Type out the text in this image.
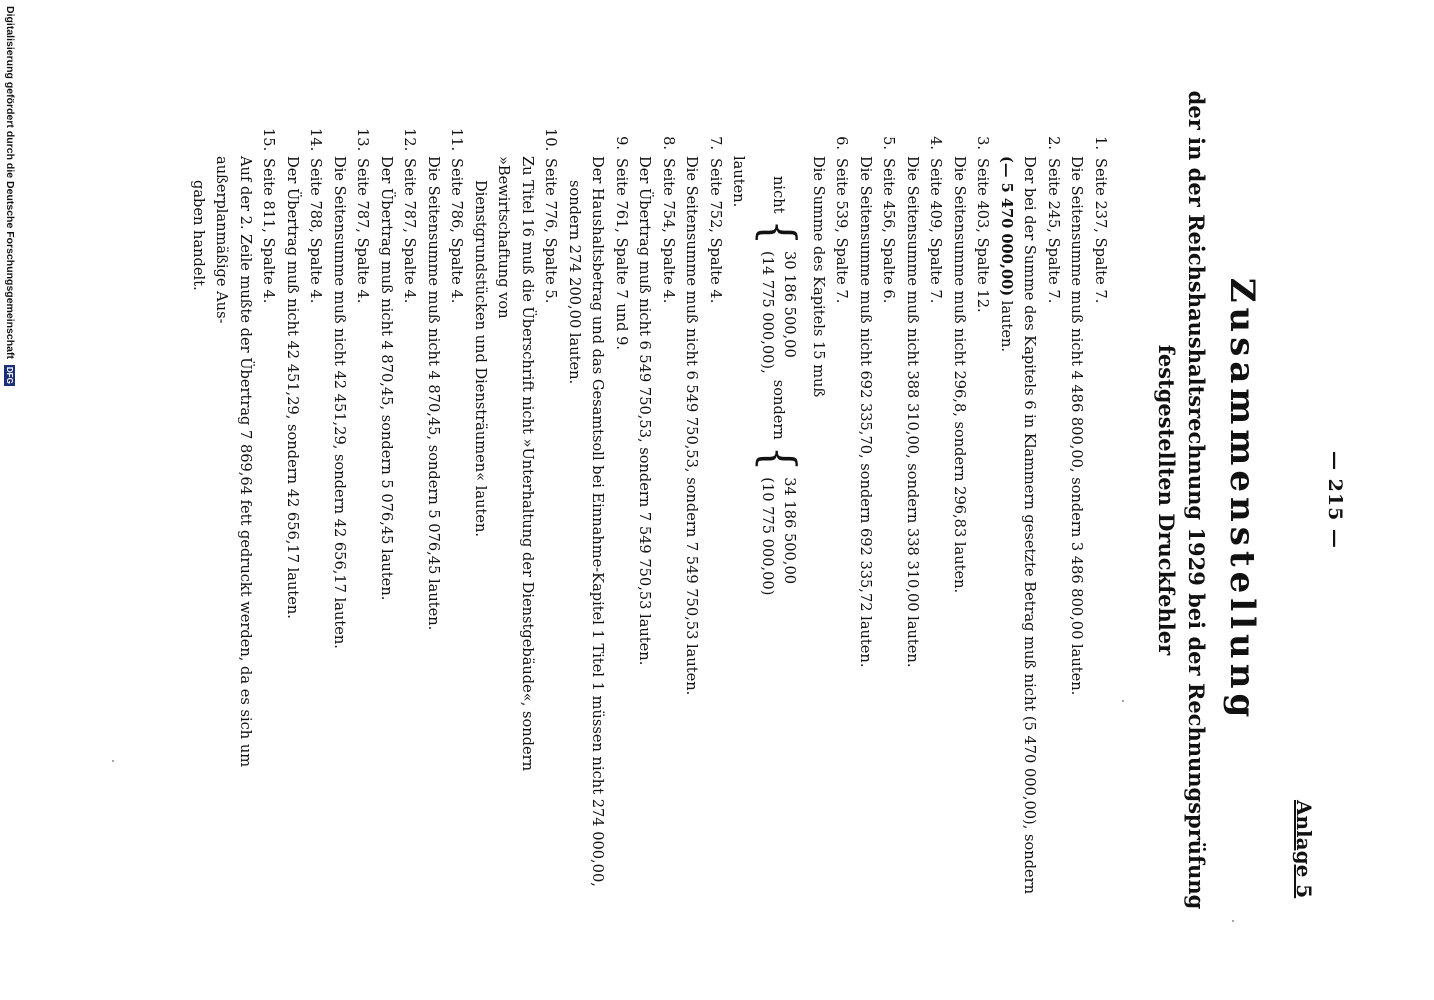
— 215 —
Anlage 5
Zusammenstellung
der in der Reichshaushaltsrechnung 1929 bei der Rechnungsprüfung
festgestellten Druckfehler
1.Seite 237, Spalte 7.
Die Seitensumme muß nicht 4 486 800,00, sondern 3 486 800,00 lauten.
2.Seite 245, Spalte 7.
Der bei der Summe des Kapitels 6 in Klammern gesetzte Betrag muß nicht (5 470 000,00), sondern
(— 5 470 000,00) lauten.
3.Seite 403, Spalte 12.
Die Seitensumme muß nicht 296,8, sondern 296,83 lauten.
4.Seite 409, Spalte 7.
Die Seitensumme muß nicht 388 310,00, sondern 338 310,00 lauten.
5.Seite 456, Spalte 6.
Die Seitensumme muß nicht 692 335,70, sondern 692 335,72 lauten.
6.Seite 539, Spalte 7.
Die Summe des Kapitels 15 muß
nicht
{
30 186 500,00
(14 775 000,00),
sondern
{
34 186 500,00
(10 775 000,00)
lauten.
7.Seite 752, Spalte 4.
Die Seitensumme muß nicht 6 549 750,53, sondern 7 549 750,53 lauten.
8.Seite 754, Spalte 4.
Der Übertrag muß nicht 6 549 750,53, sondern 7 549 750,53 lauten.
9.Seite 761, Spalte 7 und 9.
Der Haushaltsbetrag und das Gesamtsoll bei Einnahme-Kapitel 1 Titel 1 müssen nicht 274 000,00,
sondern 274 200,00 lauten.
10.Seite 776, Spalte 5.
Zu Titel 16 muß die Überschrift nicht »Unterhaltung der Dienstgebäude«, sondern »Bewirtschaftung von
Dienstgrundstücken und Diensträumen« lauten.
11.Seite 786, Spalte 4.
Die Seitensumme muß nicht 4 870,45, sondern 5 076,45 lauten.
12.Seite 787, Spalte 4.
Der Übertrag muß nicht 4 870,45, sondern 5 076,45 lauten.
13.Seite 787, Spalte 4.
Die Seitensumme muß nicht 42 451,29, sondern 42 656,17 lauten.
14.Seite 788, Spalte 4.
Der Übertrag muß nicht 42 451,29, sondern 42 656,17 lauten.
15.Seite 811, Spalte 4.
Auf der 2. Zeile mußte der Übertrag 7 869,64 fett gedruckt werden, da es sich um außerplanmäßige Aus-
gaben handelt.
Digitalisierung gefördert durch die Deutsche Forschungsgemeinschaft DFG
